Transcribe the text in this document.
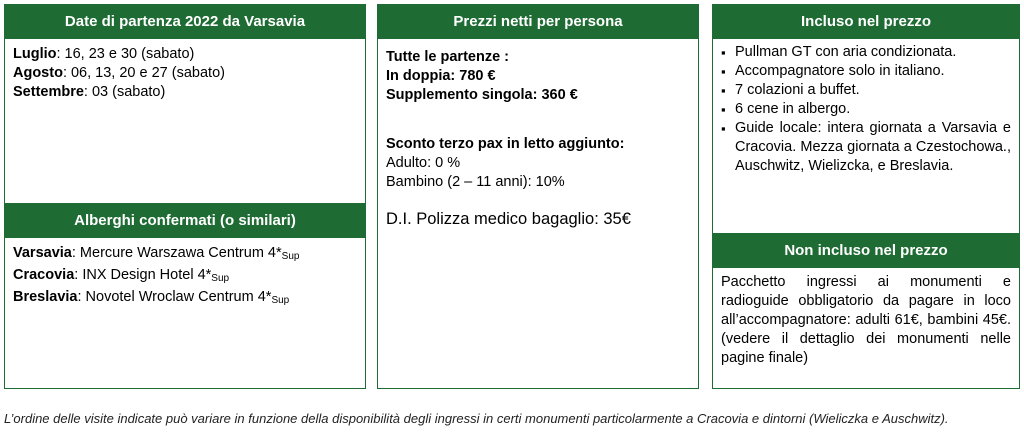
Date di partenza 2022 da Varsavia
Luglio: 16, 23 e 30 (sabato)
Agosto: 06, 13, 20 e 27 (sabato)
Settembre: 03 (sabato)
Alberghi confermati (o similari)
Varsavia: Mercure Warszawa Centrum $4*_{Sup}$
Cracovia: INX Design Hotel $4*_{Sup}$
Breslavia: Novotel Wroclaw Centrum $4*_{Sup}$
Prezzi netti per persona
Tutte le partenze :
In doppia: 780 €
Supplemento singola: 360 €
Sconto terzo pax in letto aggiunto:
Adulto: 0 %
Bambino (2 – 11 anni): 10%
D.I. Polizza medico bagaglio: 35€
Incluso nel prezzo
▪ Pullman GT con aria condizionata.
▪ Accompagnatore solo in italiano.
▪ 7 colazioni a buffet.
▪ 6 cene in albergo.
▪ Guide locale: intera giornata a Varsavia e Cracovia. Mezza giornata a Czestochowa., Auschwitz, Wielizcka, e Breslavia.
Non incluso nel prezzo
Pacchetto ingressi ai monumenti e radioguide obbligatorio da pagare in loco all’accompagnatore: adulti 61€, bambini 45€. (vedere il dettaglio dei monumenti nelle pagine finale)
L’ordine delle visite indicate può variare in funzione della disponibilità degli ingressi in certi monumenti particolarmente a Cracovia e dintorni (Wieliczka e Auschwitz).
